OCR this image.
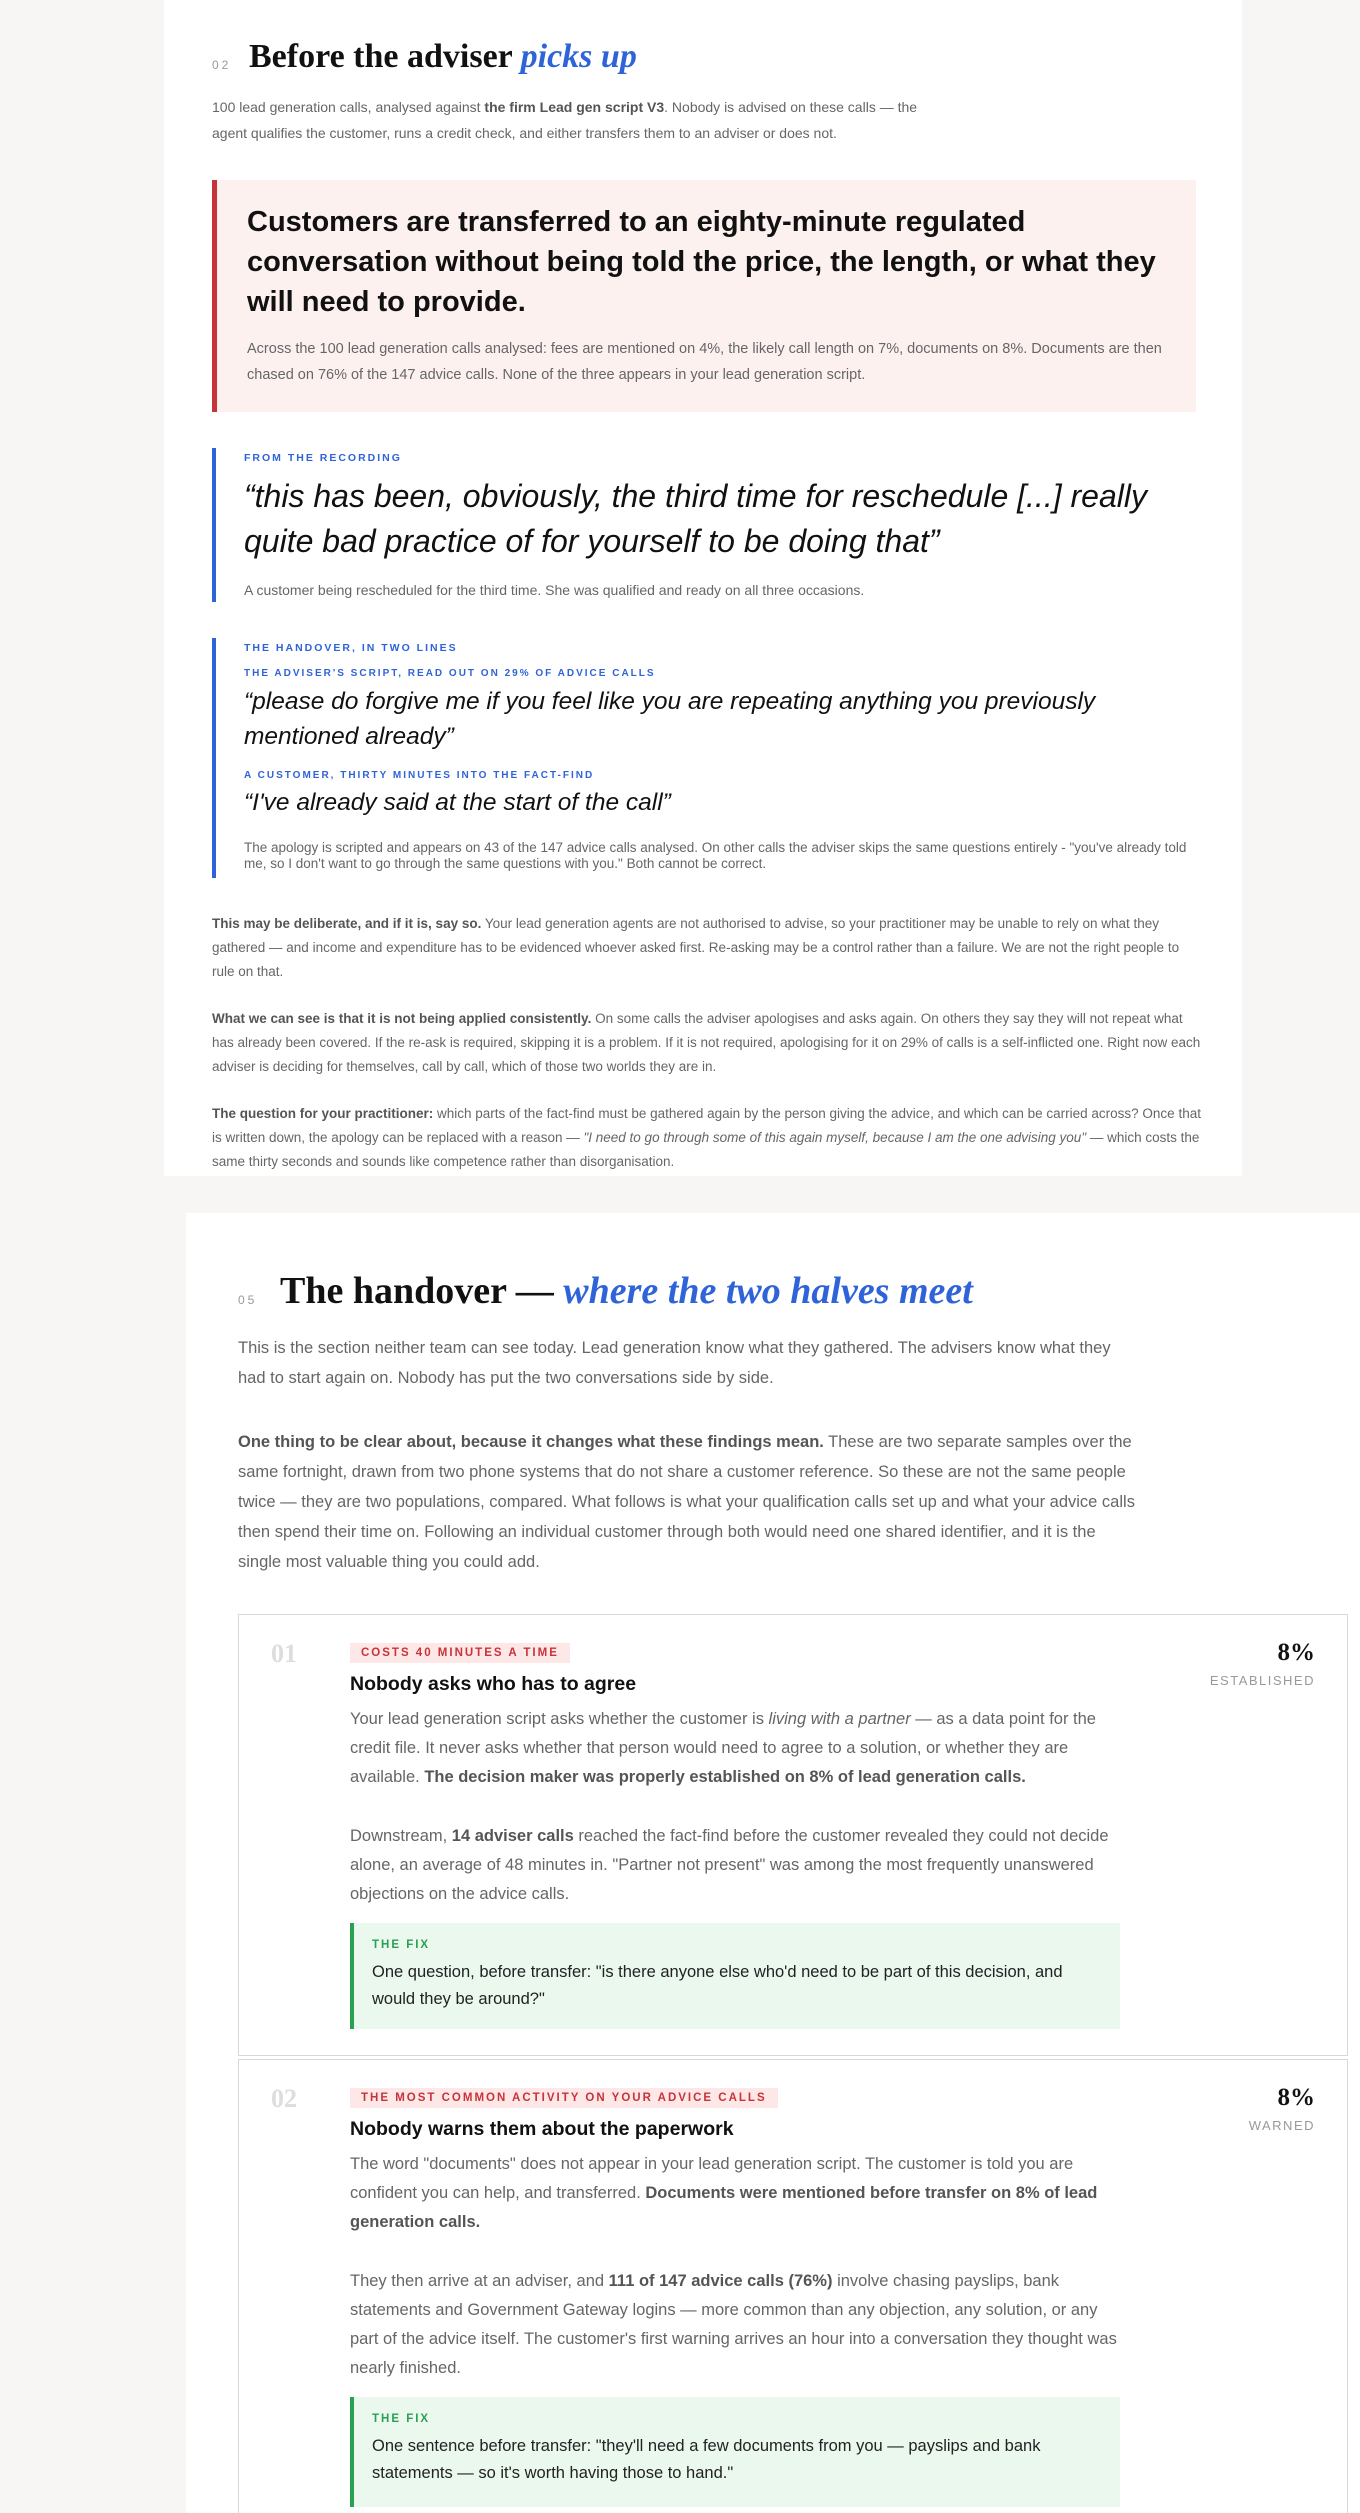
02 Before the adviser picks up
100 lead generation calls, analysed against the firm Lead gen script V3. Nobody is advised on these calls — the
agent qualifies the customer, runs a credit check, and either transfers them to an adviser or does not.
Customers are transferred to an eighty-minute regulated conversation without being told the price, the length, or what they will need to provide.
Across the 100 lead generation calls analysed: fees are mentioned on 4%, the likely call length on 7%, documents on 8%. Documents are then chased on 76% of the 147 advice calls. None of the three appears in your lead generation script.
FROM THE RECORDING
“this has been, obviously, the third time for reschedule [...] really quite bad practice of for yourself to be doing that”
A customer being rescheduled for the third time. She was qualified and ready on all three occasions.
THE HANDOVER, IN TWO LINES
THE ADVISER'S SCRIPT, READ OUT ON 29% OF ADVICE CALLS
“please do forgive me if you feel like you are repeating anything you previously mentioned already”
A CUSTOMER, THIRTY MINUTES INTO THE FACT-FIND
“I've already said at the start of the call”
The apology is scripted and appears on 43 of the 147 advice calls analysed. On other calls the adviser skips the same questions entirely - "you've already told me, so I don't want to go through the same questions with you." Both cannot be correct.
This may be deliberate, and if it is, say so. Your lead generation agents are not authorised to advise, so your practitioner may be unable to rely on what they gathered — and income and expenditure has to be evidenced whoever asked first. Re-asking may be a control rather than a failure. We are not the right people to rule on that.
What we can see is that it is not being applied consistently. On some calls the adviser apologises and asks again. On others they say they will not repeat what has already been covered. If the re-ask is required, skipping it is a problem. If it is not required, apologising for it on 29% of calls is a self-inflicted one. Right now each adviser is deciding for themselves, call by call, which of those two worlds they are in.
The question for your practitioner: which parts of the fact-find must be gathered again by the person giving the advice, and which can be carried across? Once that is written down, the apology can be replaced with a reason — "I need to go through some of this again myself, because I am the one advising you" — which costs the same thirty seconds and sounds like competence rather than disorganisation.
05 The handover — where the two halves meet
This is the section neither team can see today. Lead generation know what they gathered. The advisers know what they had to start again on. Nobody has put the two conversations side by side.
One thing to be clear about, because it changes what these findings mean. These are two separate samples over the same fortnight, drawn from two phone systems that do not share a customer reference. So these are not the same people twice — they are two populations, compared. What follows is what your qualification calls set up and what your advice calls then spend their time on. Following an individual customer through both would need one shared identifier, and it is the single most valuable thing you could add.
01	COSTS 40 MINUTES A TIME
Nobody asks who has to agree
8%
ESTABLISHED
Your lead generation script asks whether the customer is living with a partner — as a data point for the credit file. It never asks whether that person would need to agree to a solution, or whether they are available. The decision maker was properly established on 8% of lead generation calls.
Downstream, 14 adviser calls reached the fact-find before the customer revealed they could not decide alone, an average of 48 minutes in. "Partner not present" was among the most frequently unanswered objections on the advice calls.
THE FIX
One question, before transfer: "is there anyone else who'd need to be part of this decision, and would they be around?"
02	THE MOST COMMON ACTIVITY ON YOUR ADVICE CALLS
Nobody warns them about the paperwork
8%
WARNED
The word "documents" does not appear in your lead generation script. The customer is told you are confident you can help, and transferred. Documents were mentioned before transfer on 8% of lead generation calls.
They then arrive at an adviser, and 111 of 147 advice calls (76%) involve chasing payslips, bank statements and Government Gateway logins — more common than any objection, any solution, or any part of the advice itself. The customer's first warning arrives an hour into a conversation they thought was nearly finished.
THE FIX
One sentence before transfer: "they'll need a few documents from you — payslips and bank statements — so it's worth having those to hand."
